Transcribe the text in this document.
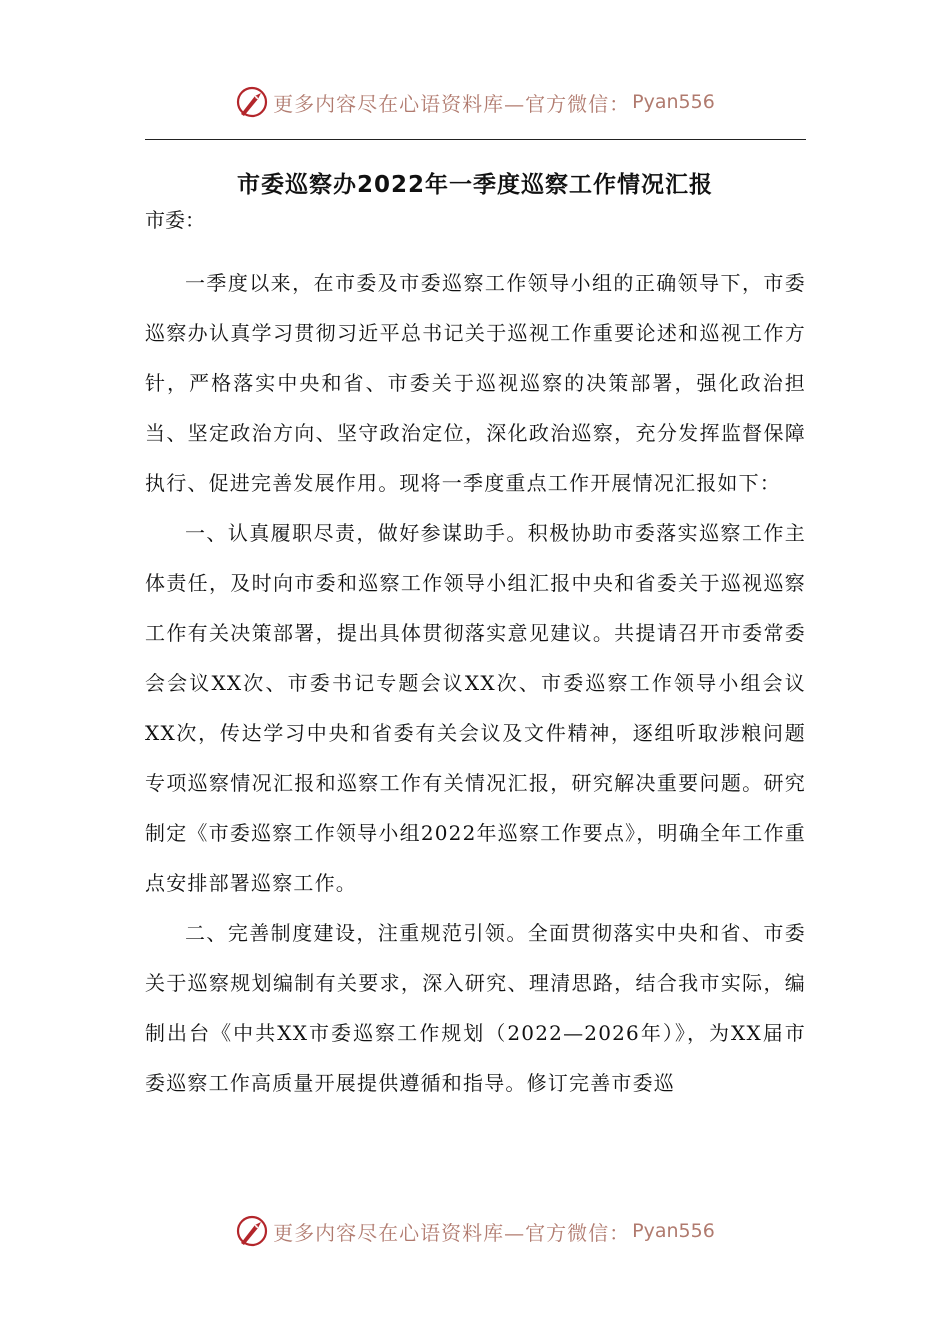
更多内容尽在心语资料库—官方微信： Pyan556
市委巡察办2022年一季度巡察工作情况汇报
市委：

一季度以来，在市委及市委巡察工作领导小组的正确领导下，市委巡察办认真学习贯彻习近平总书记关于巡视工作重要论述和巡视工作方针，严格落实中央和省、市委关于巡视巡察的决策部署，强化政治担当、坚定政治方向、坚守政治定位，深化政治巡察，充分发挥监督保障执行、促进完善发展作用。现将一季度重点工作开展情况汇报如下：

一、认真履职尽责，做好参谋助手。积极协助市委落实巡察工作主体责任，及时向市委和巡察工作领导小组汇报中央和省委关于巡视巡察工作有关决策部署，提出具体贯彻落实意见建议。共提请召开市委常委会会议XX次、市委书记专题会议XX次、市委巡察工作领导小组会议XX次，传达学习中央和省委有关会议及文件精神，逐组听取涉粮问题专项巡察情况汇报和巡察工作有关情况汇报，研究解决重要问题。研究制定《市委巡察工作领导小组2022年巡察工作要点》，明确全年工作重点安排部署巡察工作。

二、完善制度建设，注重规范引领。全面贯彻落实中央和省、市委关于巡察规划编制有关要求，深入研究、理清思路，结合我市实际，编制出台《中共XX市委巡察工作规划（2022—2026年）》，为XX届市委巡察工作高质量开展提供遵循和指导。修订完善市委巡

更多内容尽在心语资料库—官方微信： Pyan556
